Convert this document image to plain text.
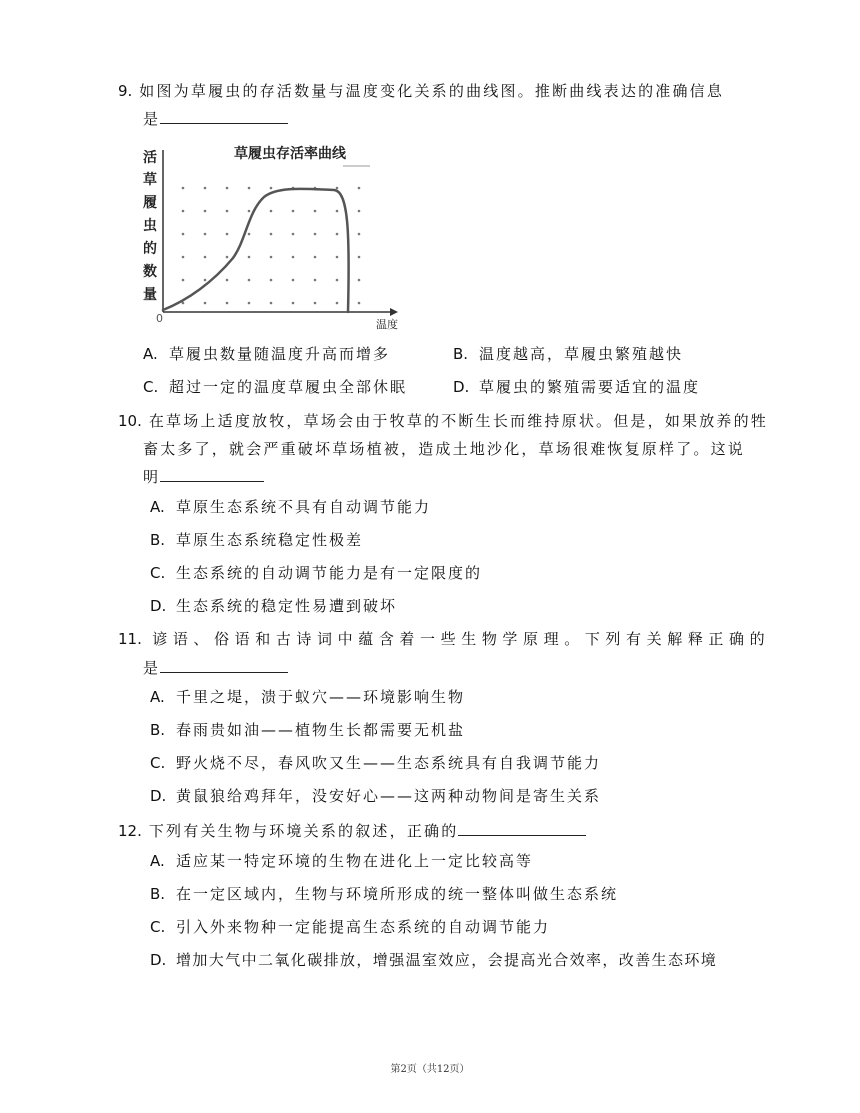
9. 如图为草履虫的存活数量与温度变化关系的曲线图。推断曲线表达的准确信息
是
草履虫存活率曲线
活
草
履
虫
的
数
量
0	温度
A. 草履虫数量随温度升高而增多	B. 温度越高，草履虫繁殖越快
C. 超过一定的温度草履虫全部休眠	D. 草履虫的繁殖需要适宜的温度
10. 在草场上适度放牧，草场会由于牧草的不断生长而维持原状。但是，如果放养的牲
畜太多了，就会严重破坏草场植被，造成土地沙化，草场很难恢复原样了。这说
明
A. 草原生态系统不具有自动调节能力
B. 草原生态系统稳定性极差
C. 生态系统的自动调节能力是有一定限度的
D. 生态系统的稳定性易遭到破坏
11. 谚语、俗语和古诗词中蕴含着一些生物学原理。下列有关解释正确的
是
A. 千里之堤，溃于蚁穴——环境影响生物
B. 春雨贵如油——植物生长都需要无机盐
C. 野火烧不尽，春风吹又生——生态系统具有自我调节能力
D. 黄鼠狼给鸡拜年，没安好心——这两种动物间是寄生关系
12. 下列有关生物与环境关系的叙述，正确的
A. 适应某一特定环境的生物在进化上一定比较高等
B. 在一定区域内，生物与环境所形成的统一整体叫做生态系统
C. 引入外来物种一定能提高生态系统的自动调节能力
D. 增加大气中二氧化碳排放，增强温室效应，会提高光合效率，改善生态环境
第2页（共12页）
